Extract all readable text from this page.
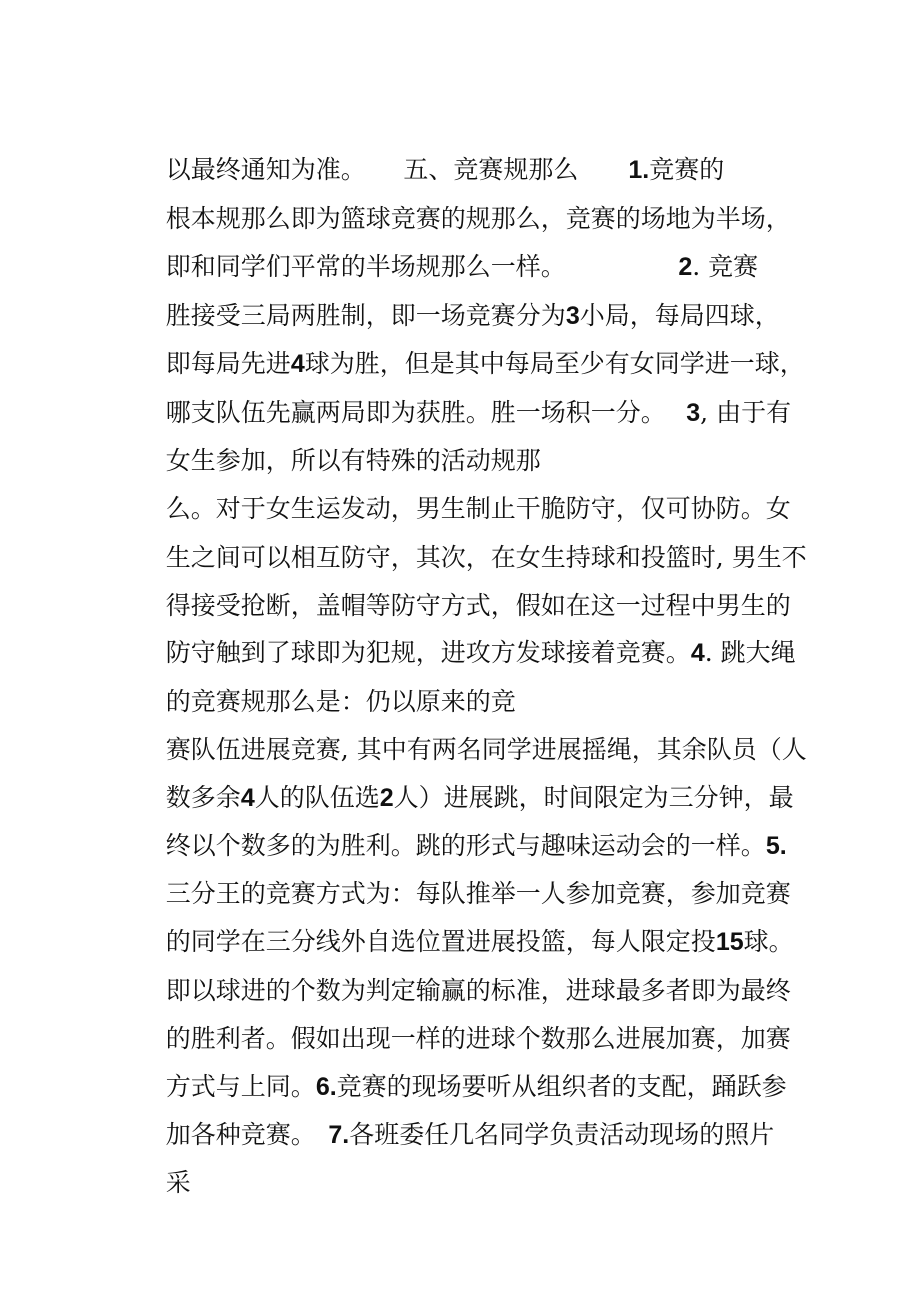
以最终通知为准。　　五、竞赛规那么　　 1.竞赛的

根本规那么即为篮球竞赛的规那么，竞赛的场地为半场，

即和同学们平常的半场规那么一样。　　　　　	2. 竞赛

胜接受三局两胜制，即一场竞赛分为3小局，每局四球，

即每局先进4球为胜，但是其中每局至少有女同学进一球，

哪支队伍先赢两局即为获胜。胜一场积一分。　 3, 由于有

女生参加，所以有特殊的活动规那

么。对于女生运发动，男生制止干脆防守，仅可协防。女

生之间可以相互防守，其次，在女生持球和投篮时, 男生不

得接受抢断，盖帽等防守方式，假如在这一过程中男生的

防守触到了球即为犯规，进攻方发球接着竞赛。4. 跳大绳

的竞赛规那么是：仍以原来的竞

赛队伍进展竞赛, 其中有两名同学进展摇绳，其余队员（人

数多余4人的队伍选2人）进展跳，时间限定为三分钟，最

终以个数多的为胜利。跳的形式与趣味运动会的一样。5.

三分王的竞赛方式为：每队推举一人参加竞赛，参加竞赛

的同学在三分线外自选位置进展投篮，每人限定投15球。

即以球进的个数为判定输赢的标准，进球最多者即为最终

的胜利者。假如出现一样的进球个数那么进展加赛，加赛

方式与上同。6.竞赛的现场要听从组织者的支配，踊跃参

加各种竞赛。　 7.各班委任几名同学负责活动现场的照片

采
